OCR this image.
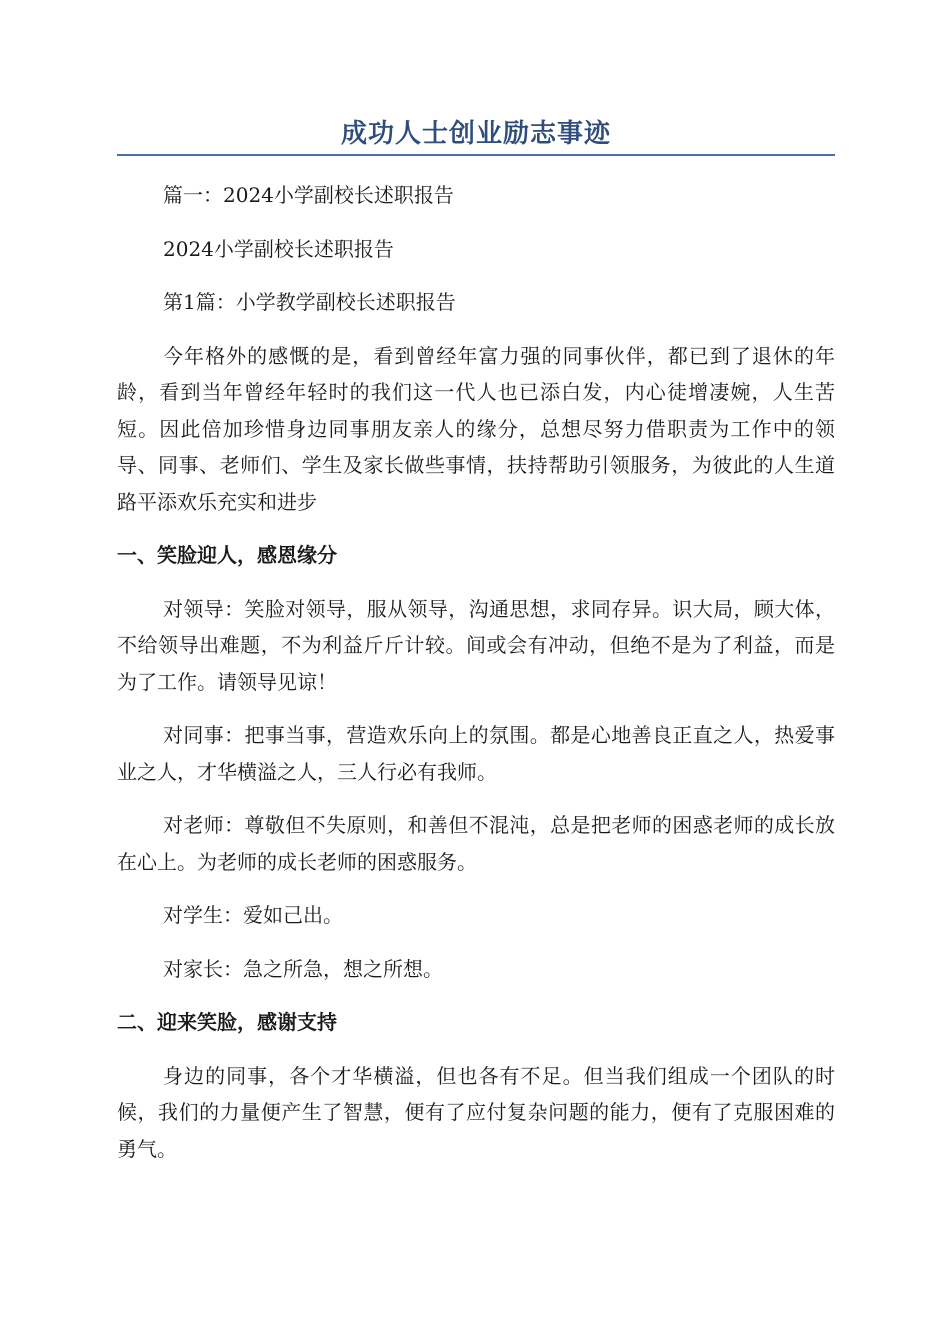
成功人士创业励志事迹

篇一：2024小学副校长述职报告

2024小学副校长述职报告

第1篇：小学教学副校长述职报告

今年格外的感慨的是，看到曾经年富力强的同事伙伴，都已到了退休的年龄，看到当年曾经年轻时的我们这一代人也已添白发，内心徒增凄婉，人生苦短。因此倍加珍惜身边同事朋友亲人的缘分，总想尽努力借职责为工作中的领导、同事、老师们、学生及家长做些事情，扶持帮助引领服务，为彼此的人生道路平添欢乐充实和进步

一、笑脸迎人，感恩缘分

对领导：笑脸对领导，服从领导，沟通思想，求同存异。识大局，顾大体，不给领导出难题，不为利益斤斤计较。间或会有冲动，但绝不是为了利益，而是为了工作。请领导见谅！

对同事：把事当事，营造欢乐向上的氛围。都是心地善良正直之人，热爱事业之人，才华横溢之人，三人行必有我师。

对老师：尊敬但不失原则，和善但不混沌，总是把老师的困惑老师的成长放在心上。为老师的成长老师的困惑服务。

对学生：爱如己出。

对家长：急之所急，想之所想。

二、迎来笑脸，感谢支持

身边的同事，各个才华横溢，但也各有不足。但当我们组成一个团队的时候，我们的力量便产生了智慧，便有了应付复杂问题的能力，便有了克服困难的勇气。
